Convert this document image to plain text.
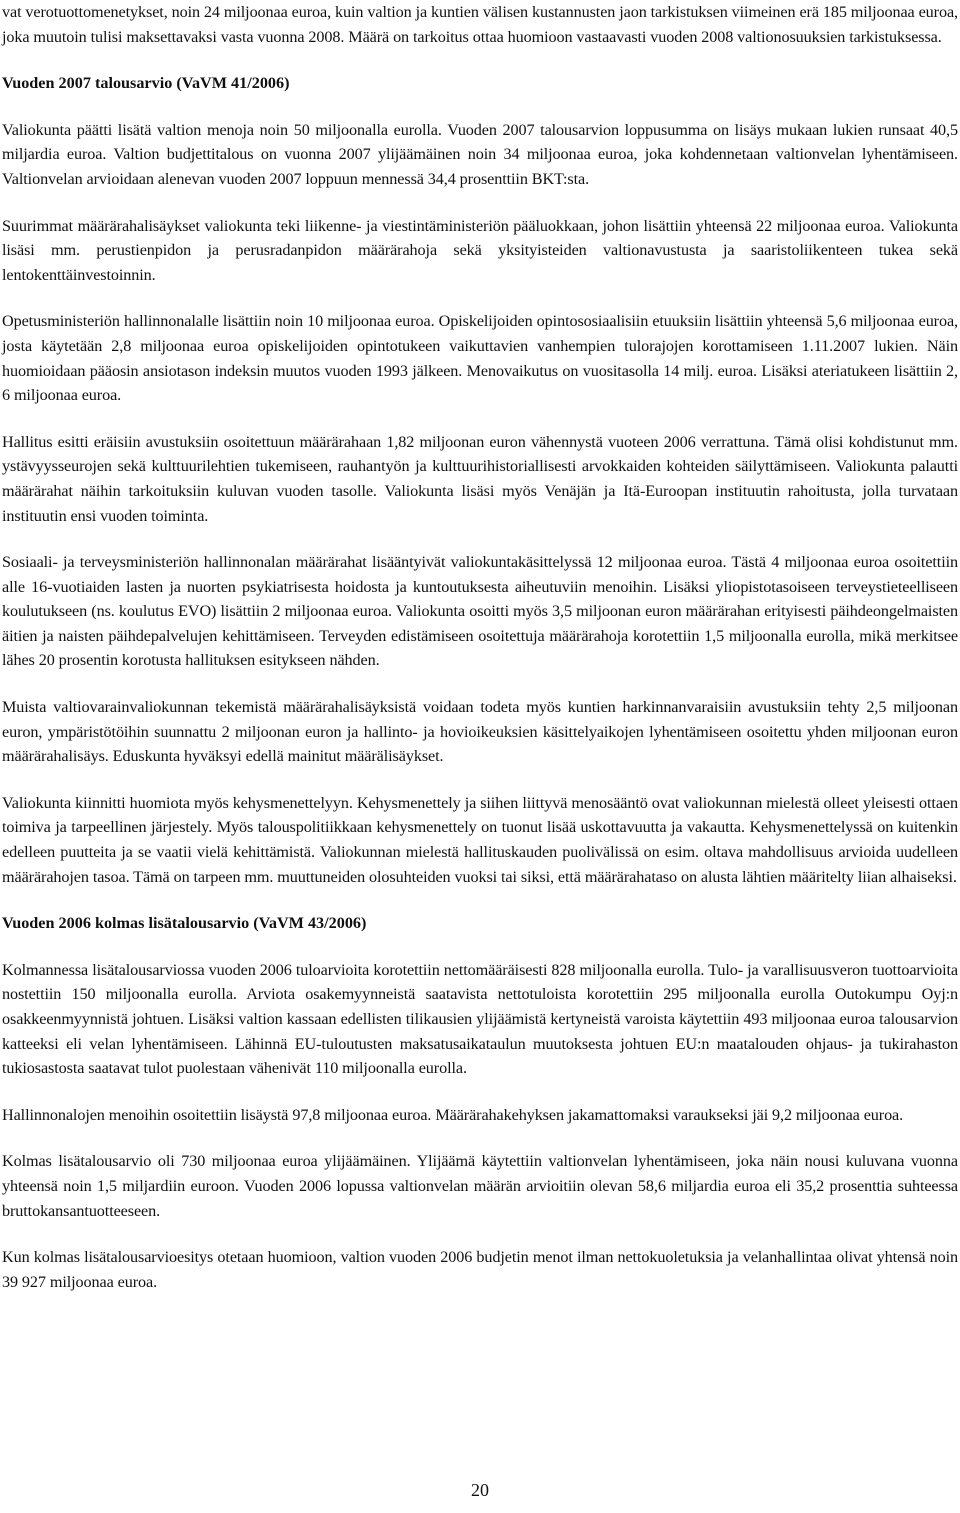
vat verotuottomenetykset, noin 24 miljoonaa euroa, kuin valtion ja kuntien välisen kustannusten jaon tarkistuksen viimeinen erä 185 miljoonaa euroa, joka muutoin tulisi maksettavaksi vasta vuonna 2008. Määrä on tarkoitus ottaa huomioon vastaavasti vuoden 2008 valtionosuuksien tarkistuksessa.

Vuoden 2007 talousarvio (VaVM 41/2006)

Valiokunta päätti lisätä valtion menoja noin 50 miljoonalla eurolla. Vuoden 2007 talousarvion loppusumma on lisäys mukaan lukien runsaat 40,5 miljardia euroa. Valtion budjettitalous on vuonna 2007 ylijäämäinen noin 34 miljoonaa euroa, joka kohdennetaan valtionvelan lyhentämiseen. Valtionvelan arvioidaan alenevan vuoden 2007 loppuun mennessä 34,4 prosenttiin BKT:sta.

Suurimmat määrärahalisäykset valiokunta teki liikenne- ja viestintäministeriön pääluokkaan, johon lisättiin yhteensä 22 miljoonaa euroa. Valiokunta lisäsi mm. perustienpidon ja perusradanpidon määrärahoja sekä yksityisteiden valtionavustusta ja saaristoliikenteen tukea sekä lentokenttäinvestoinnin.

Opetusministeriön hallinnonalalle lisättiin noin 10 miljoonaa euroa. Opiskelijoiden opintososiaalisiin etuuksiin lisättiin yhteensä 5,6 miljoonaa euroa, josta käytetään 2,8 miljoonaa euroa opiskelijoiden opintotukeen vaikuttavien vanhempien tulorajojen korottamiseen 1.11.2007 lukien. Näin huomioidaan pääosin ansiotason indeksin muutos vuoden 1993 jälkeen. Menovaikutus on vuositasolla 14 milj. euroa. Lisäksi ateriatukeen lisättiin 2, 6 miljoonaa euroa.

Hallitus esitti eräisiin avustuksiin osoitettuun määrärahaan 1,82 miljoonan euron vähennystä vuoteen 2006 verrattuna. Tämä olisi kohdistunut mm. ystävyysseurojen sekä kulttuurilehtien tukemiseen, rauhantyön ja kulttuurihistoriallisesti arvokkaiden kohteiden säilyttämiseen. Valiokunta palautti määrärahat näihin tarkoituksiin kuluvan vuoden tasolle. Valiokunta lisäsi myös Venäjän ja Itä-Euroopan instituutin rahoitusta, jolla turvataan instituutin ensi vuoden toiminta.

Sosiaali- ja terveysministeriön hallinnonalan määrärahat lisääntyivät valiokuntakäsittelyssä 12 miljoonaa euroa. Tästä 4 miljoonaa euroa osoitettiin alle 16-vuotiaiden lasten ja nuorten psykiatrisesta hoidosta ja kuntoutuksesta aiheutuviin menoihin. Lisäksi yliopistotasoiseen terveystieteelliseen koulutukseen (ns. koulutus EVO) lisättiin 2 miljoonaa euroa. Valiokunta osoitti myös 3,5 miljoonan euron määrärahan erityisesti päihdeongelmaisten äitien ja naisten päihdepalvelujen kehittämiseen. Terveyden edistämiseen osoitettuja määrärahoja korotettiin 1,5 miljoonalla eurolla, mikä merkitsee lähes 20 prosentin korotusta hallituksen esitykseen nähden.

Muista valtiovarainvaliokunnan tekemistä määrärahalisäyksistä voidaan todeta myös kuntien harkinnanvaraisiin avustuksiin tehty 2,5 miljoonan euron, ympäristötöihin suunnattu 2 miljoonan euron ja hallinto- ja hovioikeuksien käsittelyaikojen lyhentämiseen osoitettu yhden miljoonan euron määrärahalisäys. Eduskunta hyväksyi edellä mainitut määrälisäykset.

Valiokunta kiinnitti huomiota myös kehysmenettelyyn. Kehysmenettely ja siihen liittyvä menosääntö ovat valiokunnan mielestä olleet yleisesti ottaen toimiva ja tarpeellinen järjestely. Myös talouspolitiikkaan kehysmenettely on tuonut lisää uskottavuutta ja vakautta. Kehysmenettelyssä on kuitenkin edelleen puutteita ja se vaatii vielä kehittämistä. Valiokunnan mielestä hallituskauden puolivälissä on esim. oltava mahdollisuus arvioida uudelleen määrärahojen tasoa. Tämä on tarpeen mm. muuttuneiden olosuhteiden vuoksi tai siksi, että määrärahataso on alusta lähtien määritelty liian alhaiseksi.

Vuoden 2006 kolmas lisätalousarvio (VaVM 43/2006)

Kolmannessa lisätalousarviossa vuoden 2006 tuloarvioita korotettiin nettomääräisesti 828 miljoonalla eurolla. Tulo- ja varallisuusveron tuottoarvioita nostettiin 150 miljoonalla eurolla. Arviota osakemyynneistä saatavista nettotuloista korotettiin 295 miljoonalla eurolla Outokumpu Oyj:n osakkeenmyynnistä johtuen. Lisäksi valtion kassaan edellisten tilikausien ylijäämistä kertyneistä varoista käytettiin 493 miljoonaa euroa talousarvion katteeksi eli velan lyhentämiseen. Lähinnä EU-tuloutusten maksatusaikataulun muutoksesta johtuen EU:n maatalouden ohjaus- ja tukirahaston tukiosastosta saatavat tulot puolestaan vähenivät 110 miljoonalla eurolla.

Hallinnonalojen menoihin osoitettiin lisäystä 97,8 miljoonaa euroa. Määrärahakehyksen jakamattomaksi varaukseksi jäi 9,2 miljoonaa euroa.

Kolmas lisätalousarvio oli 730 miljoonaa euroa ylijäämäinen. Ylijäämä käytettiin valtionvelan lyhentämiseen, joka näin nousi kuluvana vuonna yhteensä noin 1,5 miljardiin euroon. Vuoden 2006 lopussa valtionvelan määrän arvioitiin olevan 58,6 miljardia euroa eli 35,2 prosenttia suhteessa bruttokansantuotteeseen.

Kun kolmas lisätalousarvioesitys otetaan huomioon, valtion vuoden 2006 budjetin menot ilman nettokuoletuksia ja velanhallintaa olivat yhtensä noin 39 927 miljoonaa euroa.

20
